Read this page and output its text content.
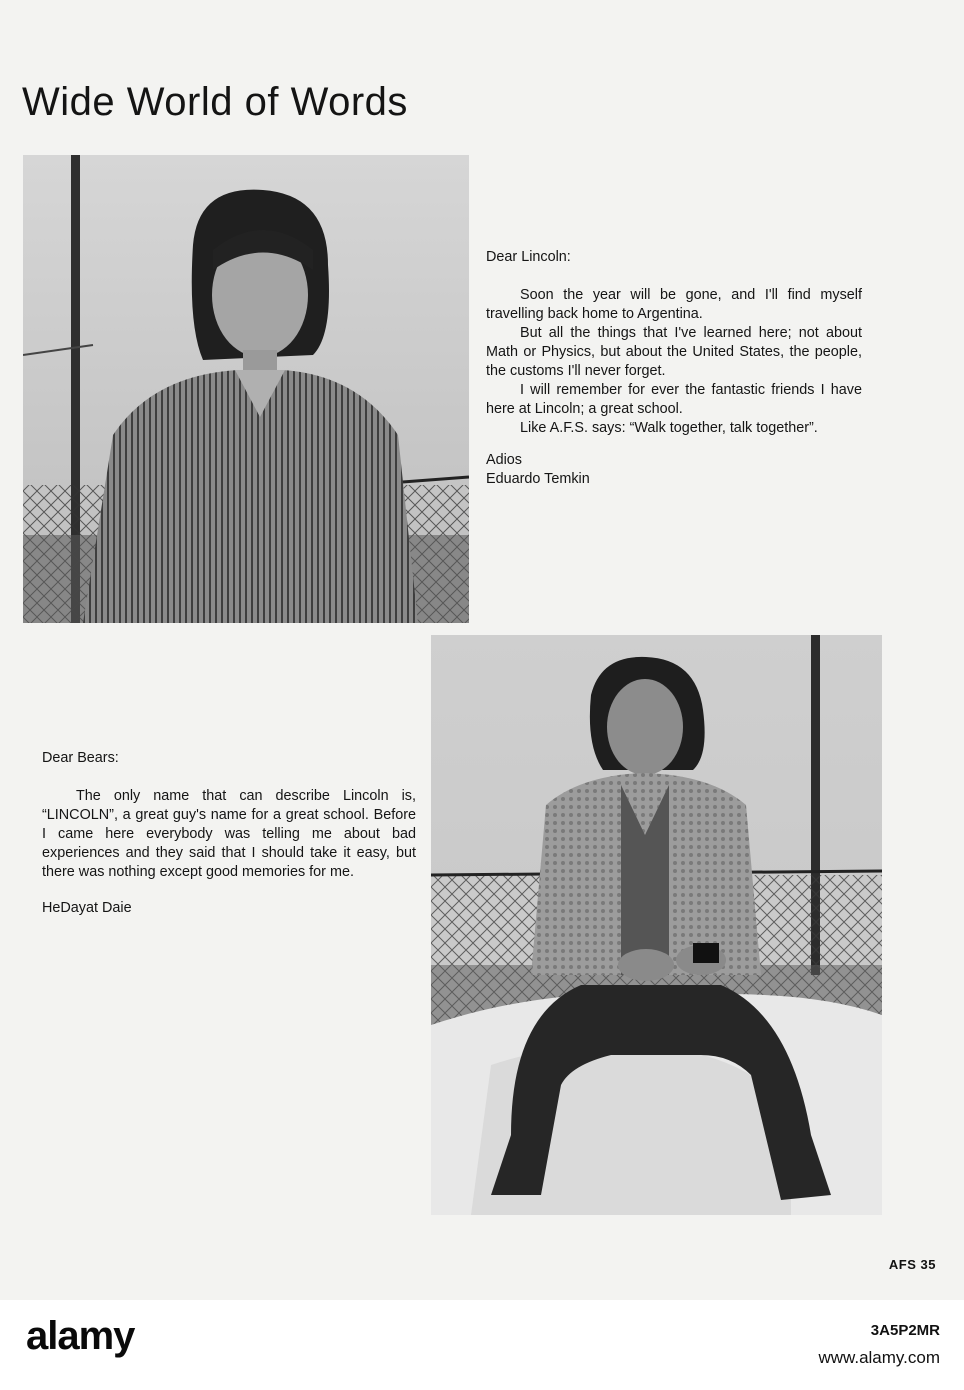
Wide World of Words

Dear Lincoln:

Soon the year will be gone, and I'll find myself travelling back home to Argentina.

But all the things that I've learned here; not about Math or Physics, but about the United States, the people, the customs I'll never forget.

I will remember for ever the fantastic friends I have here at Lincoln; a great school.

Like A.F.S. says: “Walk together, talk together”.

Adios

Eduardo Temkin

Dear Bears:

The only name that can describe Lincoln is, “LINCOLN”, a great guy's name for a great school. Before I came here everybody was telling me about bad experiences and they said that I should take it easy, but there was nothing except good memories for me.

HeDayat Daie

AFS 35
alamy	3A5P2MR
www.alamy.com
